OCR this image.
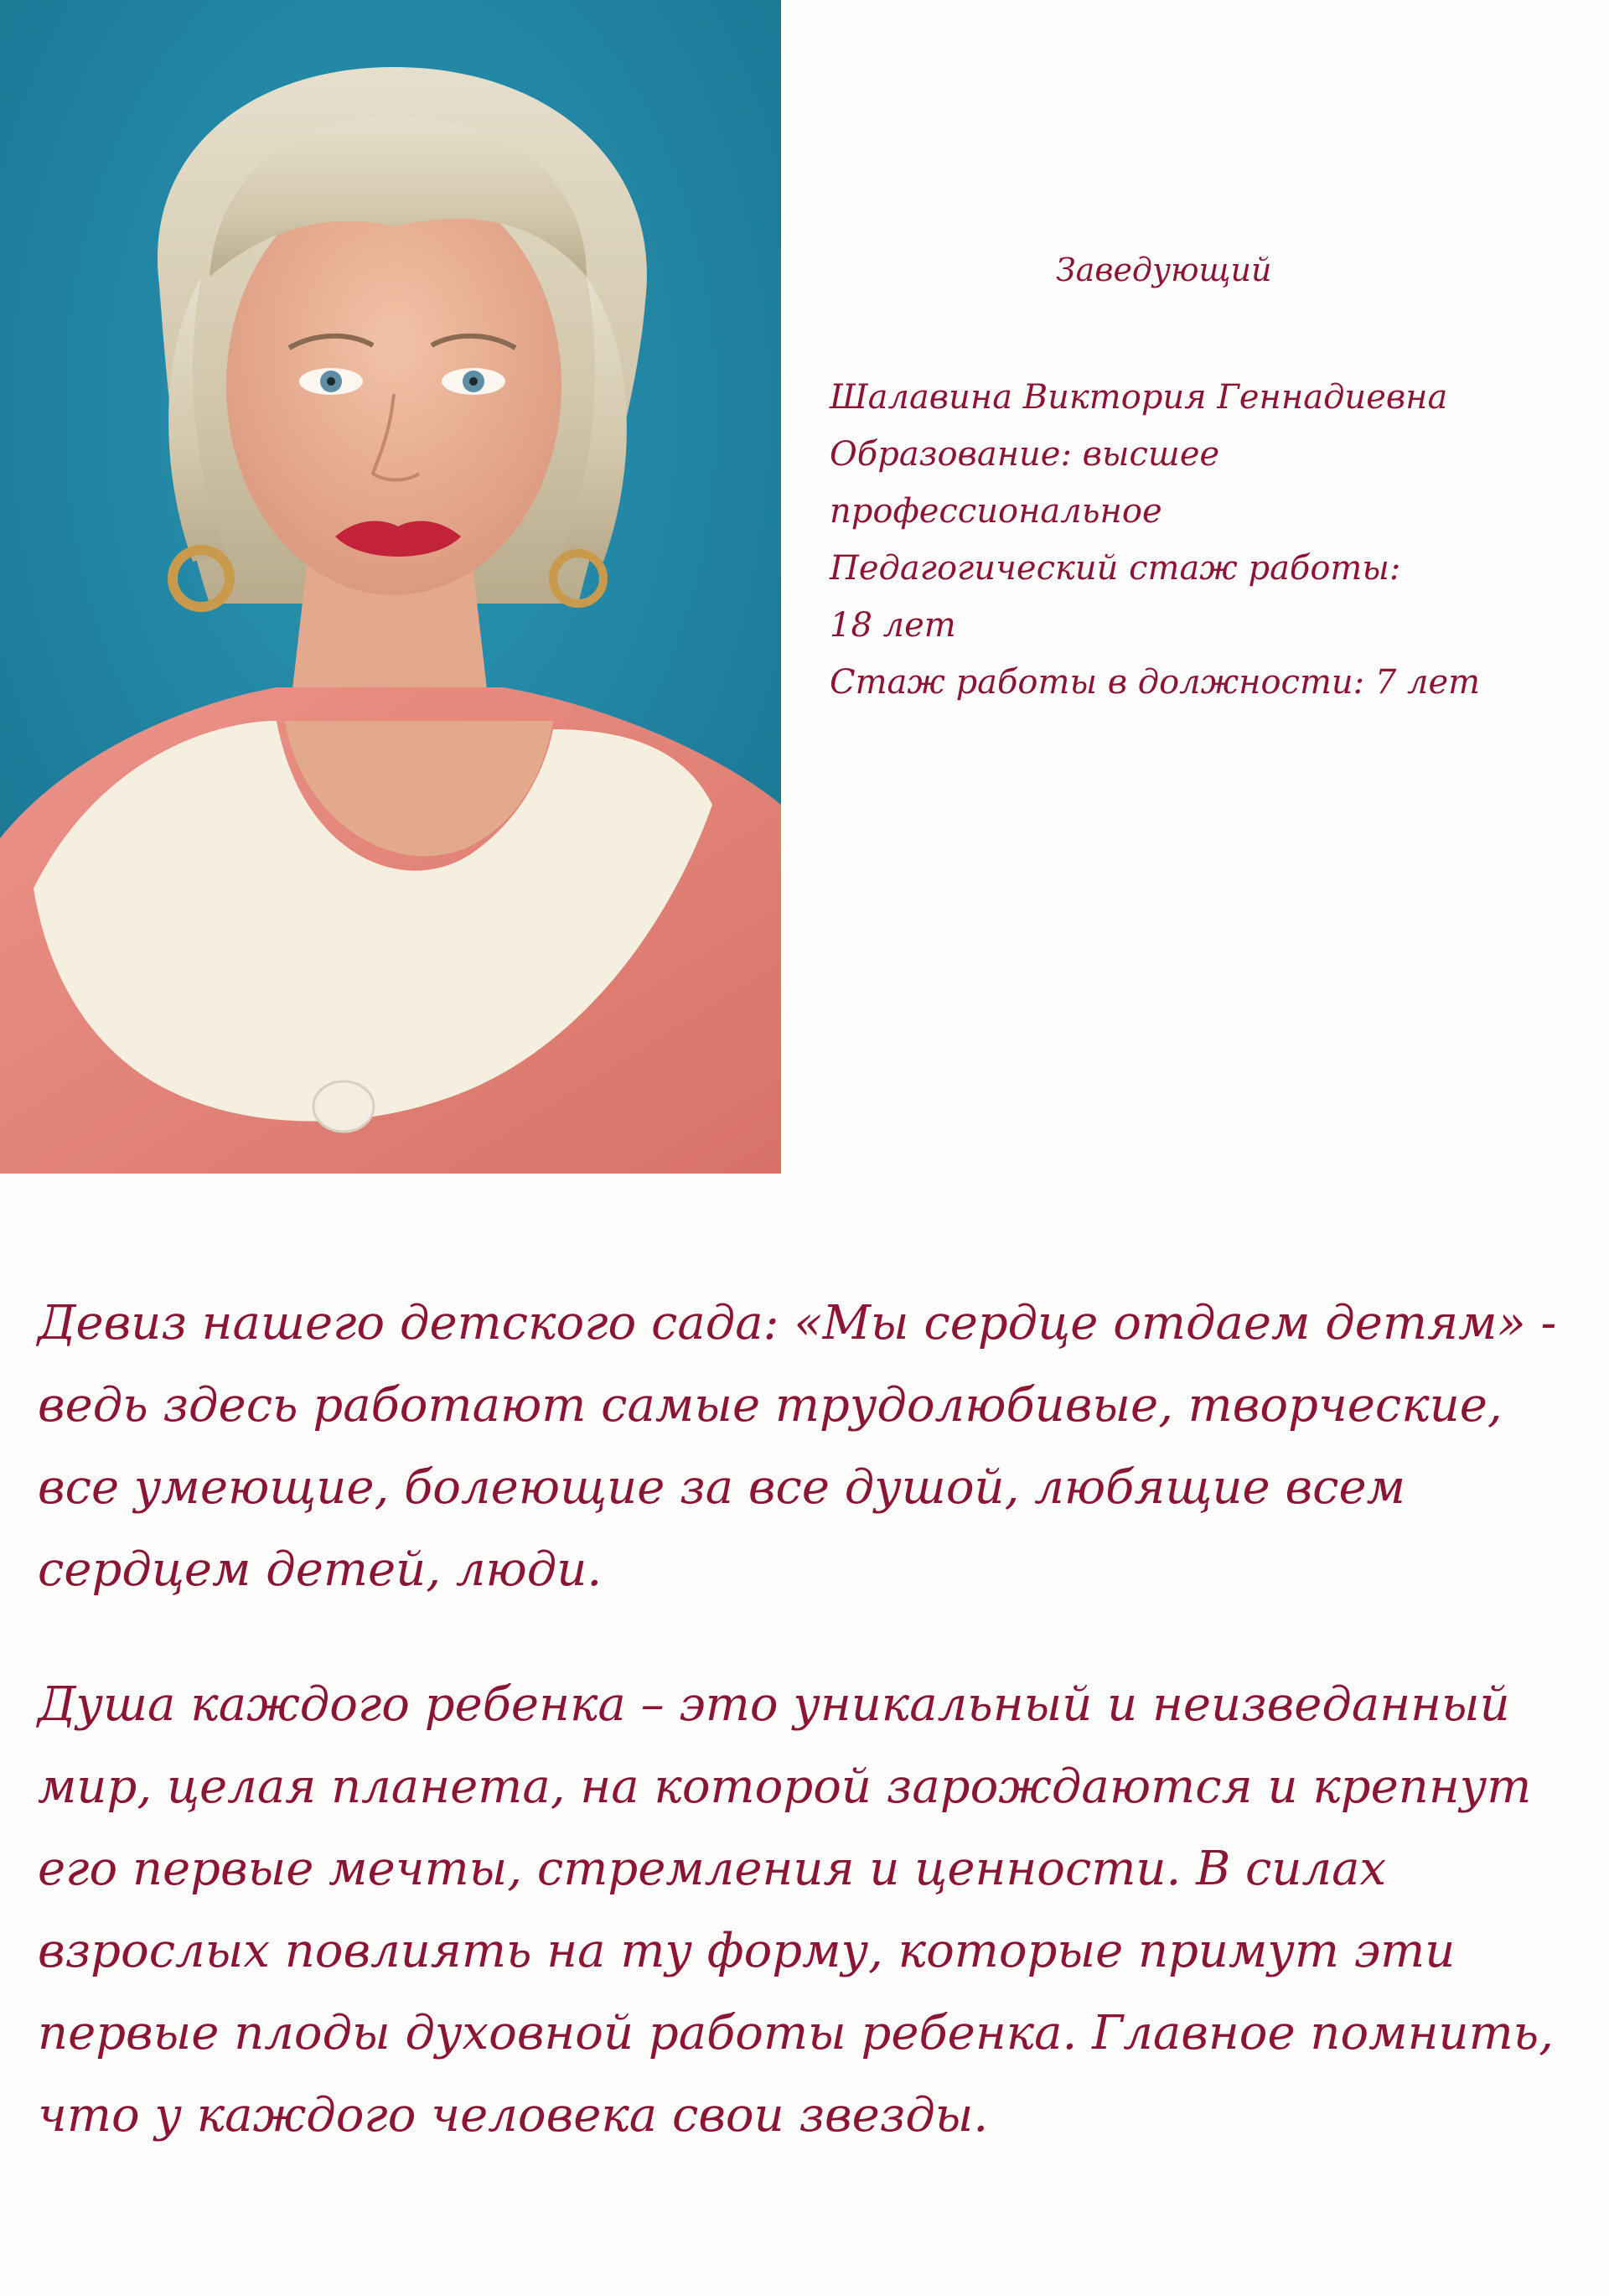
Заведующий
Шалавина Виктория Геннадиевна
Образование: высшее
профессиональное
Педагогический стаж работы:
18 лет
Стаж работы в должности: 7 лет
Девиз нашего детского сада: «Мы сердце отдаем детям» -
ведь здесь работают самые трудолюбивые, творческие,
все умеющие, болеющие за все душой, любящие всем
сердцем детей, люди.
Душа каждого ребенка – это уникальный и неизведанный
мир, целая планета, на которой зарождаются и крепнут
его первые мечты, стремления и ценности. В силах
взрослых повлиять на ту форму, которые примут эти
первые плоды духовной работы ребенка. Главное помнить,
что у каждого человека свои звезды.
